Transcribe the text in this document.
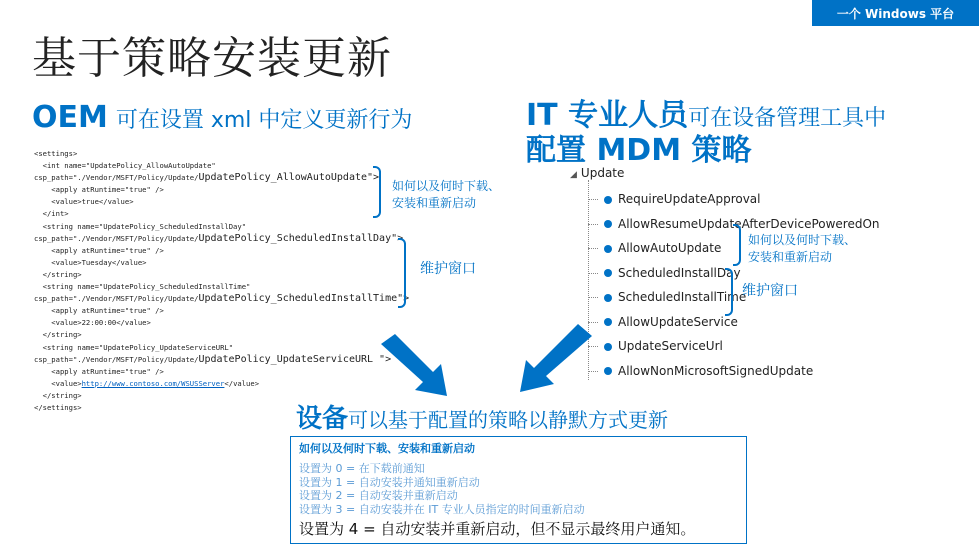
一个 Windows 平台
基于策略安装更新
OEM 可在设置 xml 中定义更新行为	IT 专业人员可在设备管理工具中
配置 MDM 策略
<settings>
<int name="UpdatePolicy_AllowAutoUpdate"
csp_path="./Vendor/MSFT/Policy/Update/UpdatePolicy_AllowAutoUpdate">
<apply atRuntime="true" />
<value>true</value>
</int>
<string name="UpdatePolicy_ScheduledInstallDay"
csp_path="./Vendor/MSFT/Policy/Update/UpdatePolicy_ScheduledInstallDay">
<apply atRuntime="true" />
<value>Tuesday</value>
</string>
<string name="UpdatePolicy_ScheduledInstallTime"
csp_path="./Vendor/MSFT/Policy/Update/UpdatePolicy_ScheduledInstallTime">
<apply atRuntime="true" />
<value>22:00:00</value>
</string>
<string name="UpdatePolicy_UpdateServiceURL"
csp_path="./Vendor/MSFT/Policy/Update/UpdatePolicy_UpdateServiceURL ">
<apply atRuntime="true" />
<value>http://www.contoso.com/WSUSServer</value>
</string>
</settings>
如何以及何时下载、
安装和重新启动
维护窗口
◢ Update
RequireUpdateApproval
AllowResumeUpdateAfterDevicePoweredOn
AllowAutoUpdate
ScheduledInstallDay
ScheduledInstallTime
AllowUpdateService
UpdateServiceUrl
AllowNonMicrosoftSignedUpdate
如何以及何时下载、
安装和重新启动
维护窗口
设备可以基于配置的策略以静默方式更新
如何以及何时下载、安装和重新启动
设置为 0 = 在下载前通知
设置为 1 = 自动安装并通知重新启动
设置为 2 = 自动安装并重新启动
设置为 3 = 自动安装并在 IT 专业人员指定的时间重新启动
设置为 4 = 自动安装并重新启动，但不显示最终用户通知。
